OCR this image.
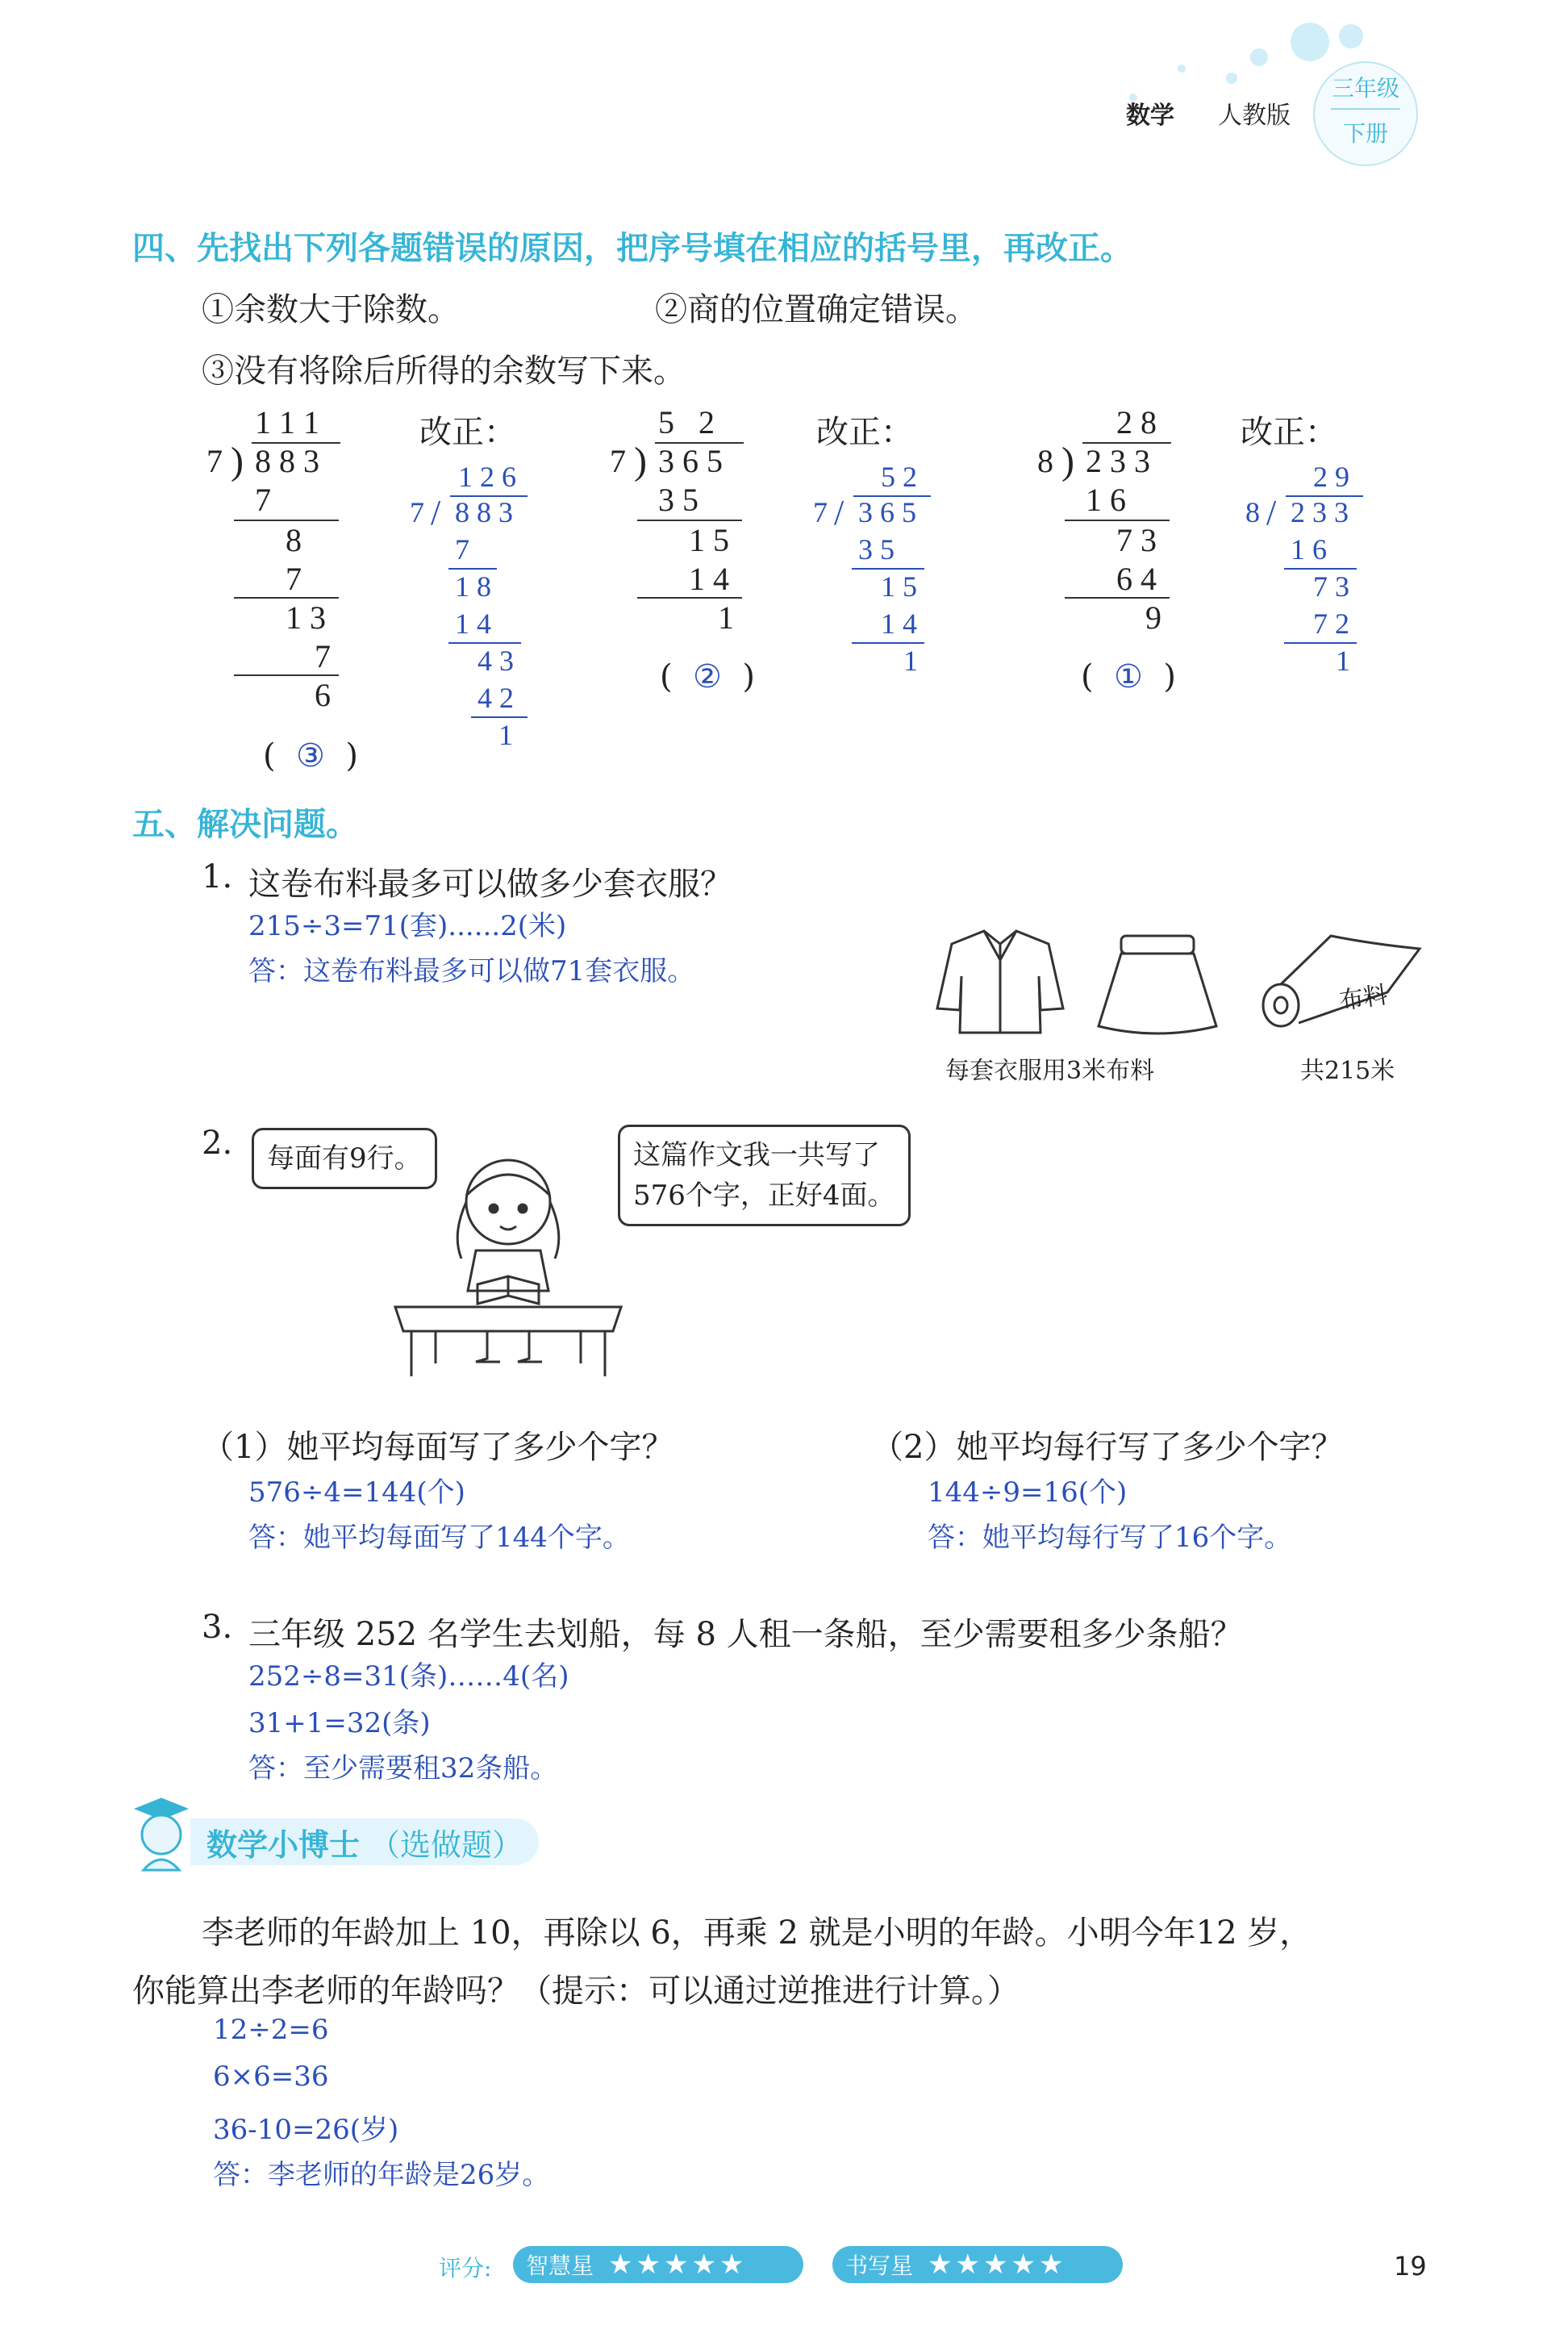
数学 人教版
三年级
下册
四、先找出下列各题错误的原因，把序号填在相应的括号里，再改正。
①余数大于除数。	②商的位置确定错误。
③没有将除后所得的余数写下来。
1 1 1
7 ) 8 8 3
7
8
7
1 3
7
6
改正：
1 2 6
7 / 8 8 3
7
1 8
1 4
4 3
4 2
1
(  ③  )
5   2
7 ) 3 6 5
3 5
1 5
1 4
1
改正：
5 2
7 / 3 6 5
3 5
1 5
1 4
1
(  ②  )
2 8
8 ) 2 3 3
1 6
7 3
6 4
9
改正：
2 9
8 / 2 3 3
1 6
7 3
7 2
1
(  ①  )
五、解决问题。
1. 这卷布料最多可以做多少套衣服？
215÷3=71(套)......2(米)
答：这卷布料最多可以做71套衣服。
布料
每套衣服用3米布料	共215米
2.	每面有9行。	这篇作文我一共写了
576个字，正好4面。
（1）她平均每面写了多少个字？
576÷4=144(个)
答：她平均每面写了144个字。
（2）她平均每行写了多少个字？
144÷9=16(个)
答：她平均每行写了16个字。
3. 三年级 252 名学生去划船，每 8 人租一条船，至少需要租多少条船？
252÷8=31(条)……4(名)
31+1=32(条)
答：至少需要租32条船。
数学小博士 （选做题）
李老师的年龄加上 10，再除以 6，再乘 2 就是小明的年龄。小明今年12 岁，
你能算出李老师的年龄吗？（提示：可以通过逆推进行计算。）
12÷2=6
6×6=36
36-10=26(岁)
答：李老师的年龄是26岁。
评分: 智慧星 ★★★★★	书写星 ★★★★★	19
